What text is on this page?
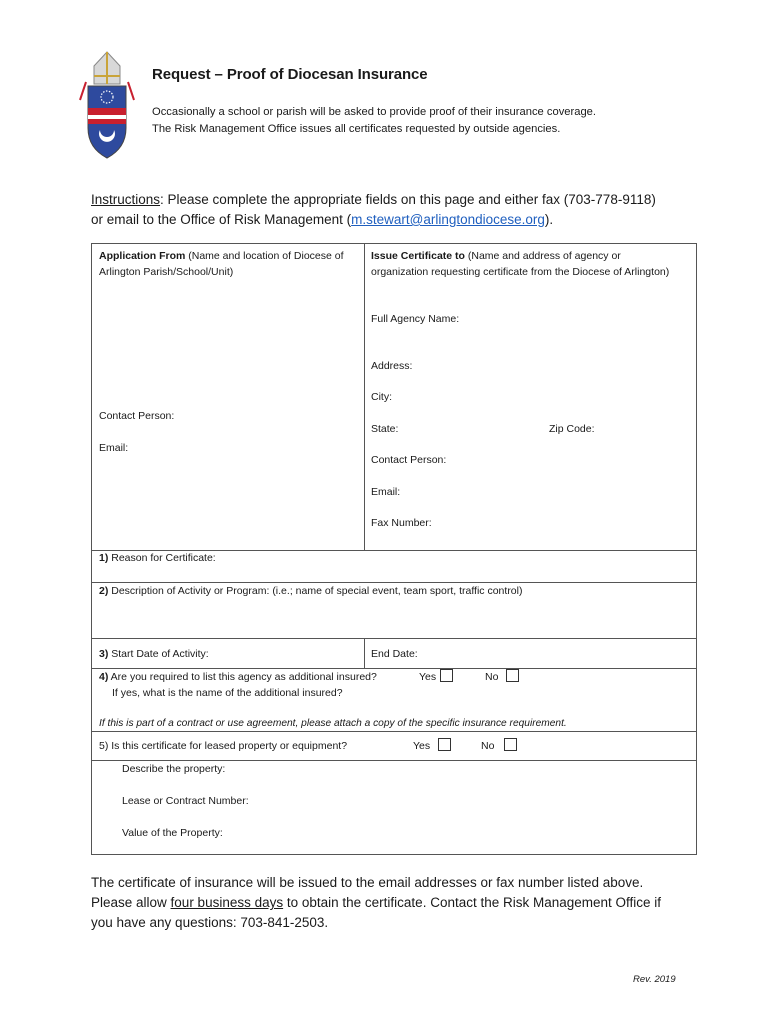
Request – Proof of Diocesan Insurance
Occasionally a school or parish will be asked to provide proof of their insurance coverage.
The Risk Management Office issues all certificates requested by outside agencies.
Instructions: Please complete the appropriate fields on this page and either fax (703-778-9118)
or email to the Office of Risk Management (m.stewart@arlingtondiocese.org).
Application From (Name and location of Diocese of Arlington Parish/School/Unit)
Contact Person:
Email:
Issue Certificate to (Name and address of agency or organization requesting certificate from the Diocese of Arlington)
Full Agency Name:
Address:
City:
State:	Zip Code:
Contact Person:
Email:
Fax Number:
1) Reason for Certificate:
2) Description of Activity or Program: (i.e.; name of special event, team sport, traffic control)
3) Start Date of Activity:	End Date:
4) Are you required to list this agency as additional insured?	Yes	No
If yes, what is the name of the additional insured?
If this is part of a contract or use agreement, please attach a copy of the specific insurance requirement.
5) Is this certificate for leased property or equipment?	Yes	No
Describe the property:
Lease or Contract Number:
Value of the Property:
The certificate of insurance will be issued to the email addresses or fax number listed above.
Please allow four business days to obtain the certificate. Contact the Risk Management Office if
you have any questions: 703-841-2503.
Rev. 2019
